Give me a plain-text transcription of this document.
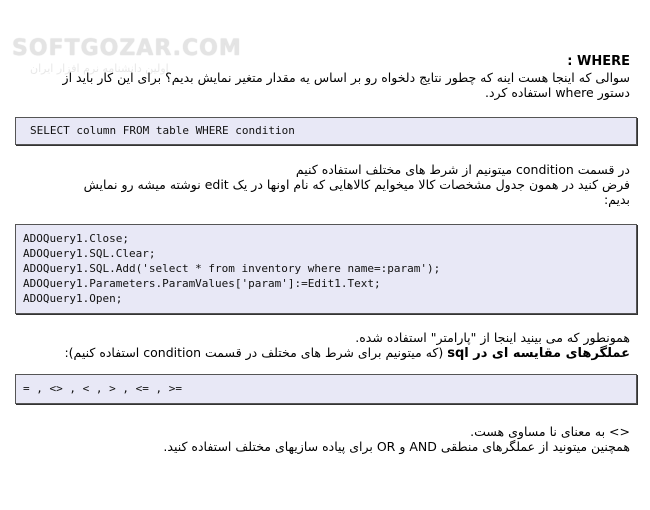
SOFTGOZAR.COM
اولین دانشنامه نرم افزار ایران	WHERE :
سوالی که اینجا هست اینه که چطور نتایج دلخواه رو بر اساس یه مقدار متغیر نمایش بدیم؟ برای این کار باید از
دستور where استفاده کرد.
SELECT column FROM table WHERE condition
در قسمت condition میتونیم از شرط های مختلف استفاده کنیم
فرض کنید در همون جدول مشخصات کالا میخوایم کالاهایی که نام اونها در یک edit نوشته میشه رو نمایش
بدیم:
ADOQuery1.Close;
ADOQuery1.SQL.Clear;
ADOQuery1.SQL.Add('select * from inventory where name=:param');
ADOQuery1.Parameters.ParamValues['param']:=Edit1.Text;
ADOQuery1.Open;
همونطور که می بینید اینجا از "پارامتر" استفاده شده.
عملگرهای مقایسه ای در sql (که میتونیم برای شرط های مختلف در قسمت condition استفاده کنیم):
= , <> , < , > , <= , >=
<> به معنای نا مساوی هست.
همچنین میتونید از عملگرهای منطقی AND و OR برای پیاده سازیهای مختلف استفاده کنید.
